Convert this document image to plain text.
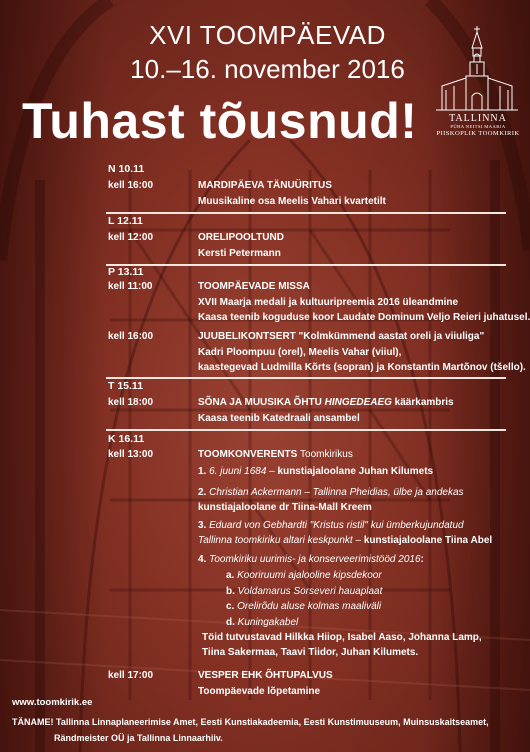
XVI TOOMPÄEVAD
10.–16. november 2016
Tuhast tõusnud!	TALLINNA
PÜHA NEITSI MAARJA
PIISKOPLIK TOOMKIRIK
N 10.11
kell 16:00	MARDIPÄEVA TÄNUÜRITUS
Muusikaline osa Meelis Vahari kvartetilt
L 12.11
kell 12:00	ORELIPOOLTUND
Kersti Petermann
P 13.11
kell 11:00	TOOMPÄEVADE MISSA
XVII Maarja medali ja kultuuripreemia 2016 üleandmine
Kaasa teenib koguduse koor Laudate Dominum Veljo Reieri juhatusel.
kell 16:00	JUUBELIKONTSERT "Kolmkümmend aastat oreli ja viiuliga"
Kadri Ploompuu (orel), Meelis Vahar (viiul),
kaastegevad Ludmilla Kõrts (sopran) ja Konstantin Martõnov (tšello).
T 15.11
kell 18:00	SÕNA JA MUUSIKA ÕHTU HINGEDEAEG käärkambris
Kaasa teenib Katedraali ansambel
K 16.11
kell 13:00	TOOMKONVERENTS Toomkirikus
1. 6. juuni 1684 – kunstiajaloolane Juhan Kilumets
2. Christian Ackermann – Tallinna Pheidias, ülbe ja andekas
kunstiajaloolane dr Tiina-Mall Kreem
3. Eduard von Gebhardti "Kristus ristil" kui ümberkujundatud
Tallinna toomkiriku altari keskpunkt – kunstiajaloolane Tiina Abel
4. Toomkiriku uurimis- ja konserveerimistööd 2016:
a. Kooriruumi ajalooline kipsdekoor
b. Voldamarus Sorseveri hauaplaat
c. Orelirõdu aluse kolmas maaliväli
d. Kuningakabel
Töid tutvustavad Hilkka Hiiop, Isabel Aaso, Johanna Lamp,
Tiina Sakermaa, Taavi Tiidor, Juhan Kilumets.
kell 17:00	VESPER EHK ÕHTUPALVUS
Toompäevade lõpetamine
www.toomkirik.ee
TÄNAME! Tallinna Linnaplaneerimise Amet, Eesti Kunstiakadeemia, Eesti Kunstimuuseum, Muinsuskaitseamet,
Rändmeister OÜ ja Tallinna Linnaarhiiv.
